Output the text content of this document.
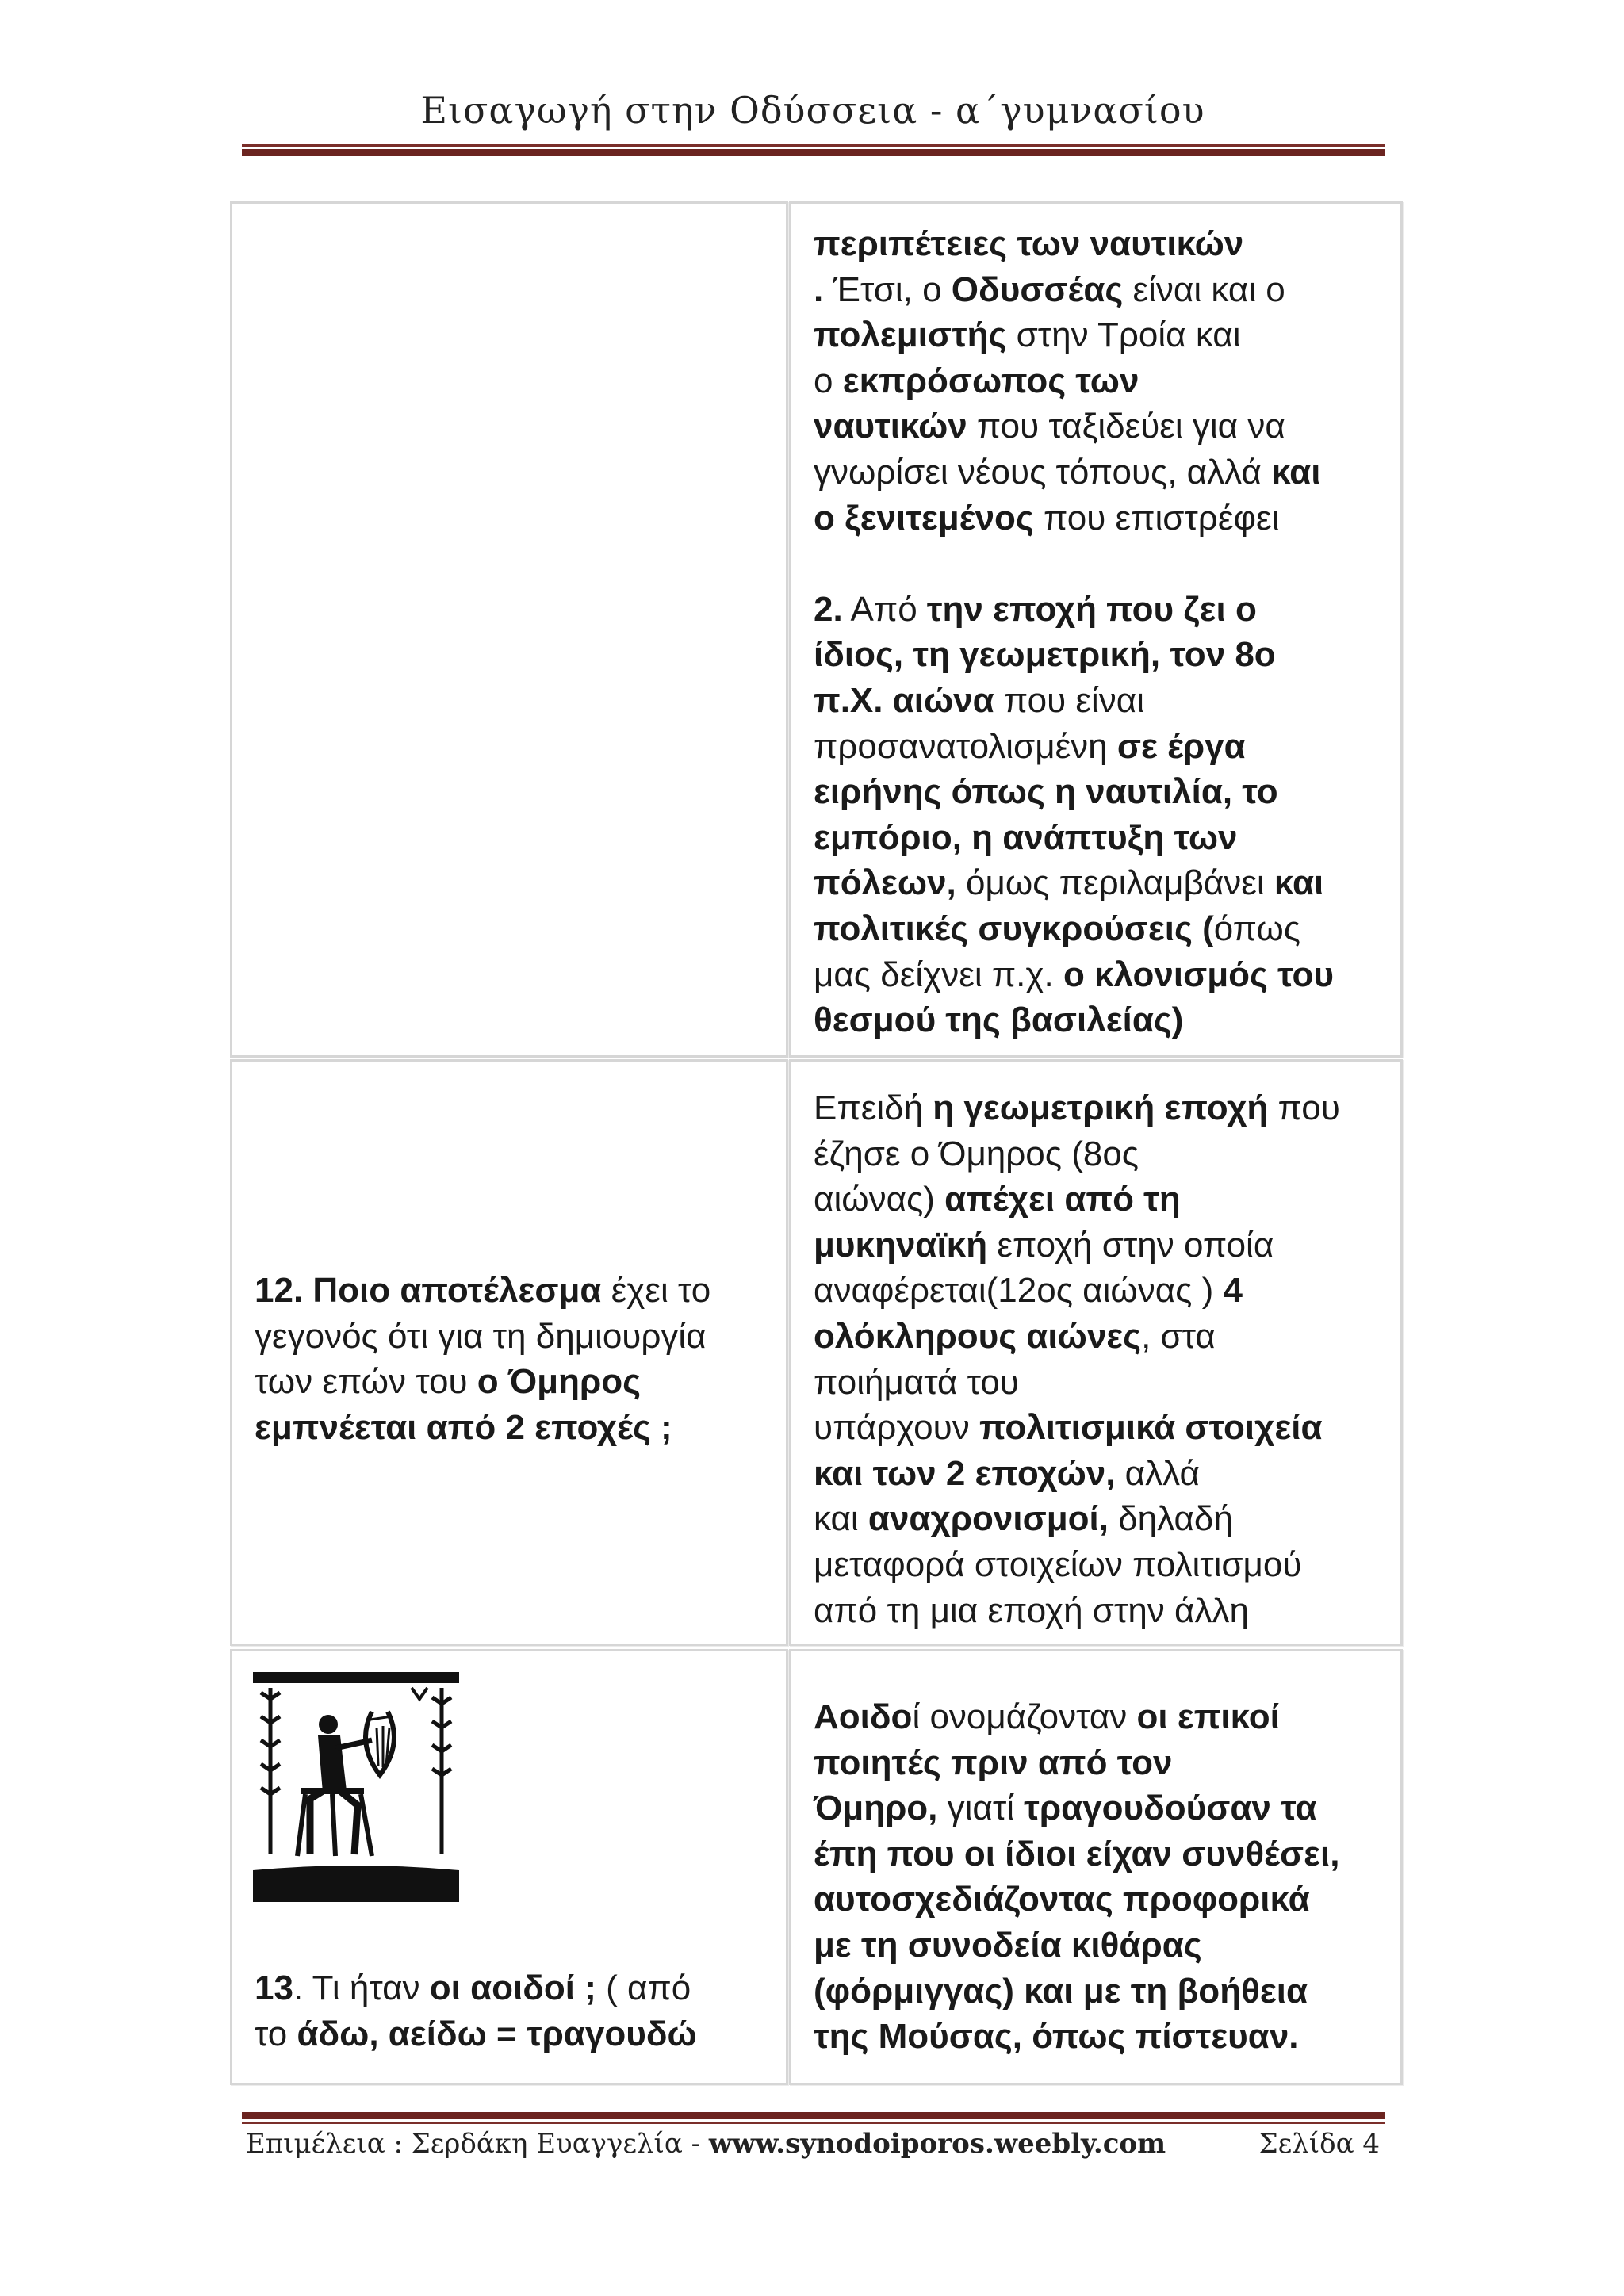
Εισαγωγή στην Οδύσσεια - α΄γυμνασίου
περιπέτειες των ναυτικών
. Έτσι, ο Οδυσσέας είναι και ο
πολεμιστής στην Τροία και
ο εκπρόσωπος των
ναυτικών που ταξιδεύει για να
γνωρίσει νέους τόπους, αλλά και
ο ξενιτεμένος που επιστρέφει
2. Από την εποχή που ζει ο
ίδιος, τη γεωμετρική, τον 8ο
π.Χ. αιώνα που είναι
προσανατολισμένη σε έργα
ειρήνης όπως η ναυτιλία, το
εμπόριο, η ανάπτυξη των
πόλεων, όμως περιλαμβάνει και
πολιτικές συγκρούσεις (όπως
μας δείχνει π.χ. ο κλονισμός του
θεσμού της βασιλείας)
12. Ποιο αποτέλεσμα έχει το
γεγονός ότι για τη δημιουργία
των επών του ο Όμηρος
εμπνέεται από 2 εποχές ;
Επειδή η γεωμετρική εποχή που
έζησε ο Όμηρος (8ος
αιώνας) απέχει από τη
μυκηναϊκή εποχή στην οποία
αναφέρεται(12ος αιώνας ) 4
ολόκληρους αιώνες, στα
ποιήματά του
υπάρχουν πολιτισμικά στοιχεία
και των 2 εποχών, αλλά
και αναχρονισμοί, δηλαδή
μεταφορά στοιχείων πολιτισμού
από τη μια εποχή στην άλλη
13. Τι ήταν οι αοιδοί ; ( από
το άδω, αείδω = τραγουδώ
Αοιδοί ονομάζονταν οι επικοί
ποιητές πριν από τον
Όμηρο, γιατί τραγουδούσαν τα
έπη που οι ίδιοι είχαν συνθέσει,
αυτοσχεδιάζοντας προφορικά
με τη συνοδεία κιθάρας
(φόρμιγγας) και με τη βοήθεια
της Μούσας, όπως πίστευαν.
Επιμέλεια : Σερδάκη Ευαγγελία - www.synodoiporos.weebly.com	Σελίδα 4
